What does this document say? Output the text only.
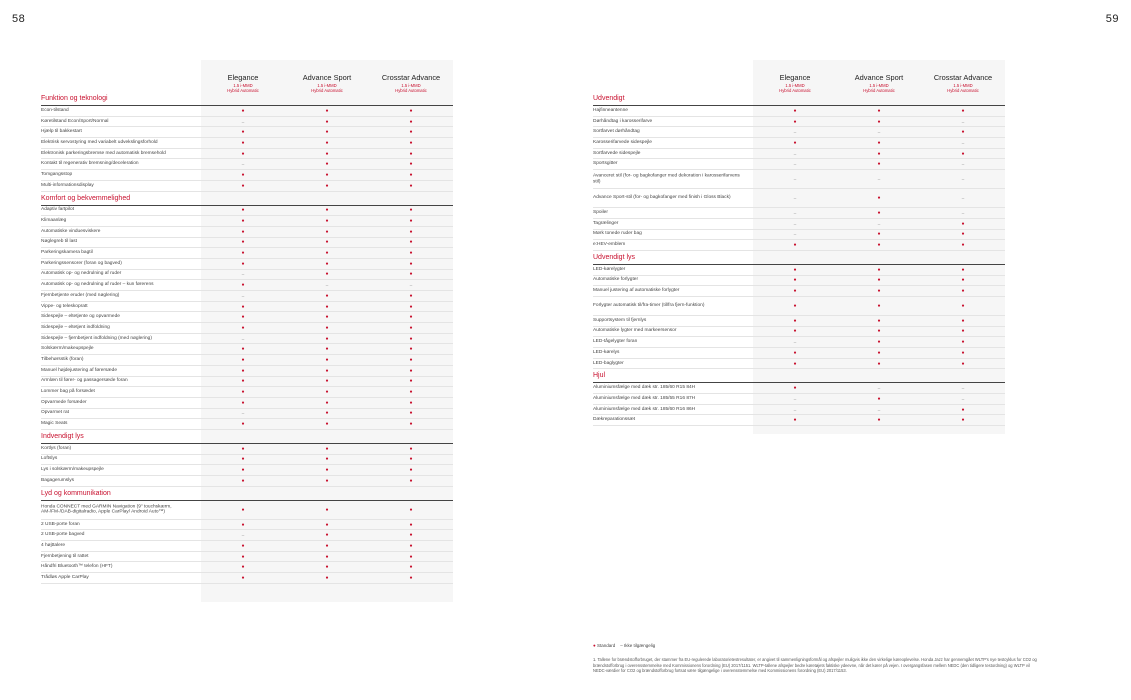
58	59
Funktion og teknologi
Econ-tilstand	●	●	●
Køretilstand Econ/Sport/Normal	–	●	●
Hjælp til bakkestart	●	●	●
Elektrisk servostyring med variabelt udvekslingsforhold	●	●	●
Elektronisk parkeringsbremse med automatisk bremsehold	●	●	●
Kontakt til regenerativ bremsning/deceleration	–	●	●
Tomgangsstop	●	●	●
Multi-informationsdisplay	●	●	●
Komfort og bekvemmelighed
Adaptiv fartpilot	●	●	●
Klimaanlæg	●	●	●
Automatiske vinduesviskere	●	●	●
Nøglegreb til last	●	●	●
Parkeringskamera bagtil	●	●	●
Parkeringssensorer (foran og bagved)	●	●	●
Automatisk op- og nedrulning af ruder	–	●	●
Automatisk op- og nedrulning af ruder – kun førerens	●	–	–
Fjernbetjente eruder (med nøglering)	–	●	●
Vippe- og teleskopratt	●	●	●
Sidespejle – eltetjente og opvarmede	●	●	●
Sidespejle – eltetjent indfoldning	●	●	●
Sidespejle – fjernbetjent indfoldning (med nøglering)	–	●	●
Solskærm/makeupspejle	●	●	●
Tilbehørsstik (foran)	●	●	●
Manuel højdejustering af førersæde	●	●	●
Armlæn til fører- og passagersæde foran	●	●	●
Lommer bag på forsædet	●	●	●
Opvarmede forsæder	●	●	●
Opvarmet rat	–	●	●
Magic Seats	●	●	●
Indvendigt lys
Kortlys (foran)	●	●	●
Loftslys	●	●	●
Lys i solskærm/makeupspejle	●	●	●
Bagagerumslys	●	●	●
Lyd og kommunikation
Honda CONNECT med GARMIN Navigation (9" touchskærm, AM-/FM-/DAB-digitalradio, Apple CarPlay/ Android Auto™)	●	●	●
2 USB-porte foran	●	●	●
2 USB-porte bagved	–	●	●
4 højttalere	●	●	●
Fjernbetjening til rattet	●	●	●
Håndfri Bluetooth™ telefon (HFT)	●	●	●
Trådløs Apple CarPlay	●	●	●
Udvendigt
Hajfinneantenne	●	●	●
Dørhåndtag i karosserifarve	●	●	–
Sortfarvet dørhåndtag	–	–	●
Karosserifarvede sidespejle	●	●	–
Sortfarvede sidespejle	–	●	●
Sportsgitter	–	●	–
Avanceret stil (for- og bagkofanger med dekoration i karosserifarvens stil)	–	–	–
Advance Sport-stil (for- og bagkofanger med finish i Gloss Black)	–	●	–
Spoiler	–	●	–
Tagrælinger	–	–	●
Mørk tonede ruder bag	–	●	●
e:HEV-emblem	●	●	●
Udvendigt lys
LED-kørelygter	●	●	●
Automatiske forlygter	●	●	●
Manuel justering af automatiske forlygter	●	●	●
Forlygter automatisk til/fra-timer (til/fra fjern-funktion)	●	●	●
Supportsystem til fjernlys	●	●	●
Automatiske lygter med markeersensor	●	●	●
LED-tågelygter foran	–	●	●
LED-kørelys	●	●	●
LED-baglygter	●	●	●
Hjul
Aluminiumsfælge med dæk str. 185/60 R15 84H	●	–	–
Aluminiumsfælge med dæk str. 185/55 R16 87H	–	●	–
Aluminiumsfælge med dæk str. 185/60 R16 86H	–	–	●
Dækreparationssæt	●	●	●
● Standard – Ikke tilgængelig
1. Tallene for brændstofforbruget, der stammer fra EU-regulerede laboratorietestresultater, er angivet til sammenligningsformål og afspejler muligvis ikke den virkelige køreoplevelse. Honda Jazz har gennemgået WLTP's nye testcyklus for CO2 og brændstofforbrug i overensstemmelse med Kommissionens forordning (EU) 2017/1151. WLTP-tallene afspejler bedre køretøjets faktiske ydeevne, når det kører på vejen. I overgangsfasen mellem NEDC (den tidligere testordning) og WLTP vil NEDC-værdier for CO2 og brændstofforbrug fortsat være tilgængelige i overensstemmelse med Kommissionens forordning (EU) 2017/1153.
Elegance
1.5 i-MMD
Hybrid Automatic
Advance Sport
1.5 i-MMD
Hybrid Automatic
Crosstar Advance
1.5 i-MMD
Hybrid Automatic
Elegance
1.5 i-MMD
Hybrid Automatic
Advance Sport
1.5 i-MMD
Hybrid Automatic
Crosstar Advance
1.5 i-MMD
Hybrid Automatic
